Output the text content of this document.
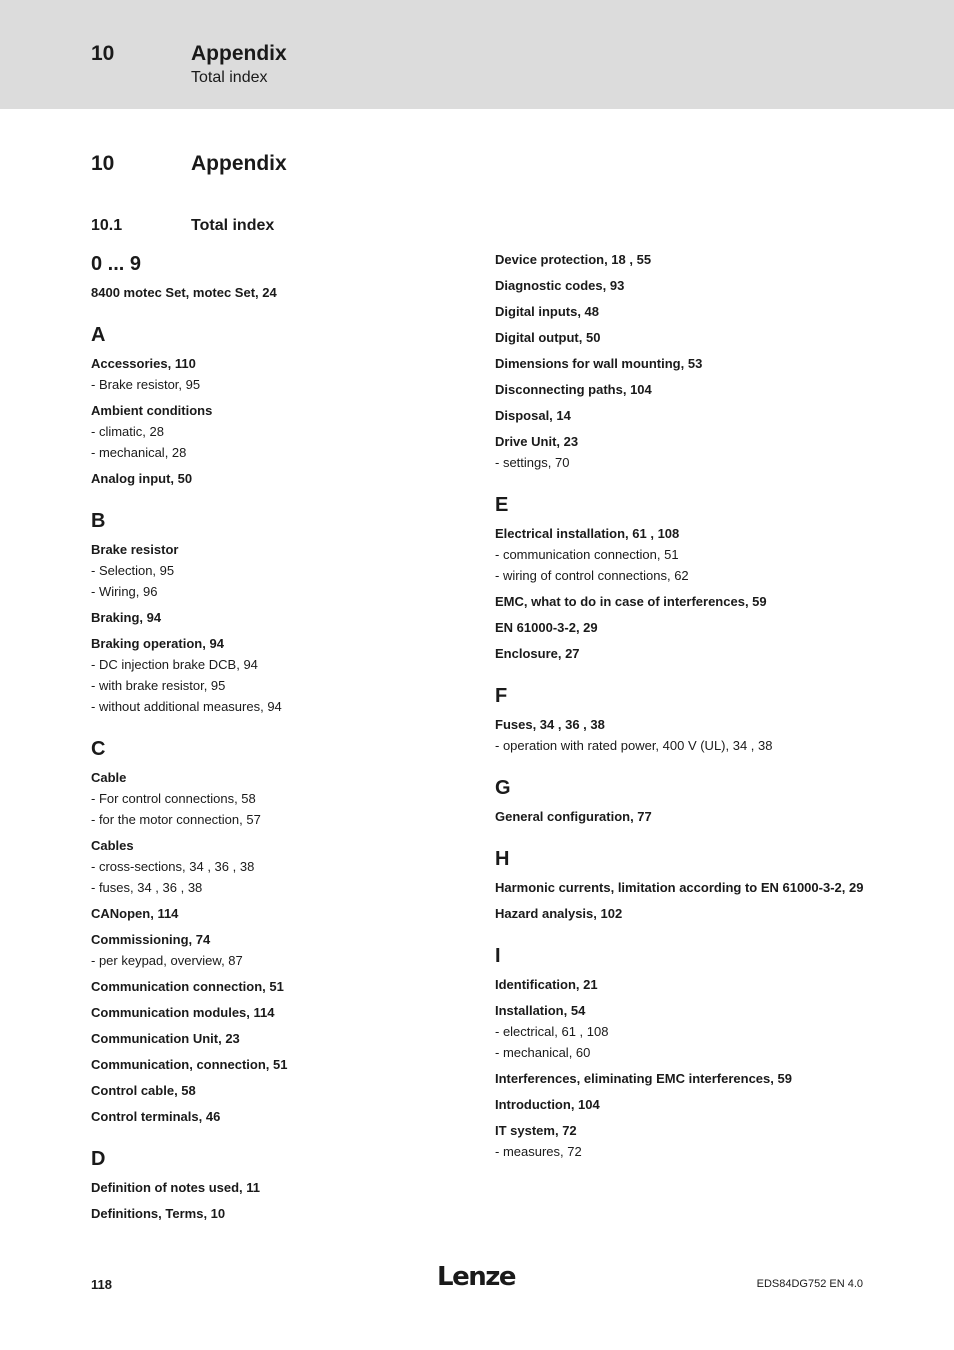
10	Appendix
Total index
10	Appendix
10.1	Total index
0 ... 9
8400 motec Set, motec Set, 24
A
Accessories, 110
- Brake resistor, 95
Ambient conditions
- climatic, 28
- mechanical, 28
Analog input, 50
B
Brake resistor
- Selection, 95
- Wiring, 96
Braking, 94
Braking operation, 94
- DC injection brake DCB, 94
- with brake resistor, 95
- without additional measures, 94
C
Cable
- For control connections, 58
- for the motor connection, 57
Cables
- cross-sections, 34 , 36 , 38
- fuses, 34 , 36 , 38
CANopen, 114
Commissioning, 74
- per keypad, overview, 87
Communication connection, 51
Communication modules, 114
Communication Unit, 23
Communication, connection, 51
Control cable, 58
Control terminals, 46
D
Definition of notes used, 11
Definitions, Terms, 10
Device protection, 18 , 55
Diagnostic codes, 93
Digital inputs, 48
Digital output, 50
Dimensions for wall mounting, 53
Disconnecting paths, 104
Disposal, 14
Drive Unit, 23
- settings, 70
E
Electrical installation, 61 , 108
- communication connection, 51
- wiring of control connections, 62
EMC, what to do in case of interferences, 59
EN 61000-3-2, 29
Enclosure, 27
F
Fuses, 34 , 36 , 38
- operation with rated power, 400 V (UL), 34 , 38
G
General configuration, 77
H
Harmonic currents, limitation according to EN 61000-3-2, 29
Hazard analysis, 102
I
Identification, 21
Installation, 54
- electrical, 61 , 108
- mechanical, 60
Interferences, eliminating EMC interferences, 59
Introduction, 104
IT system, 72
- measures, 72
118	Lenze	EDS84DG752 EN 4.0
